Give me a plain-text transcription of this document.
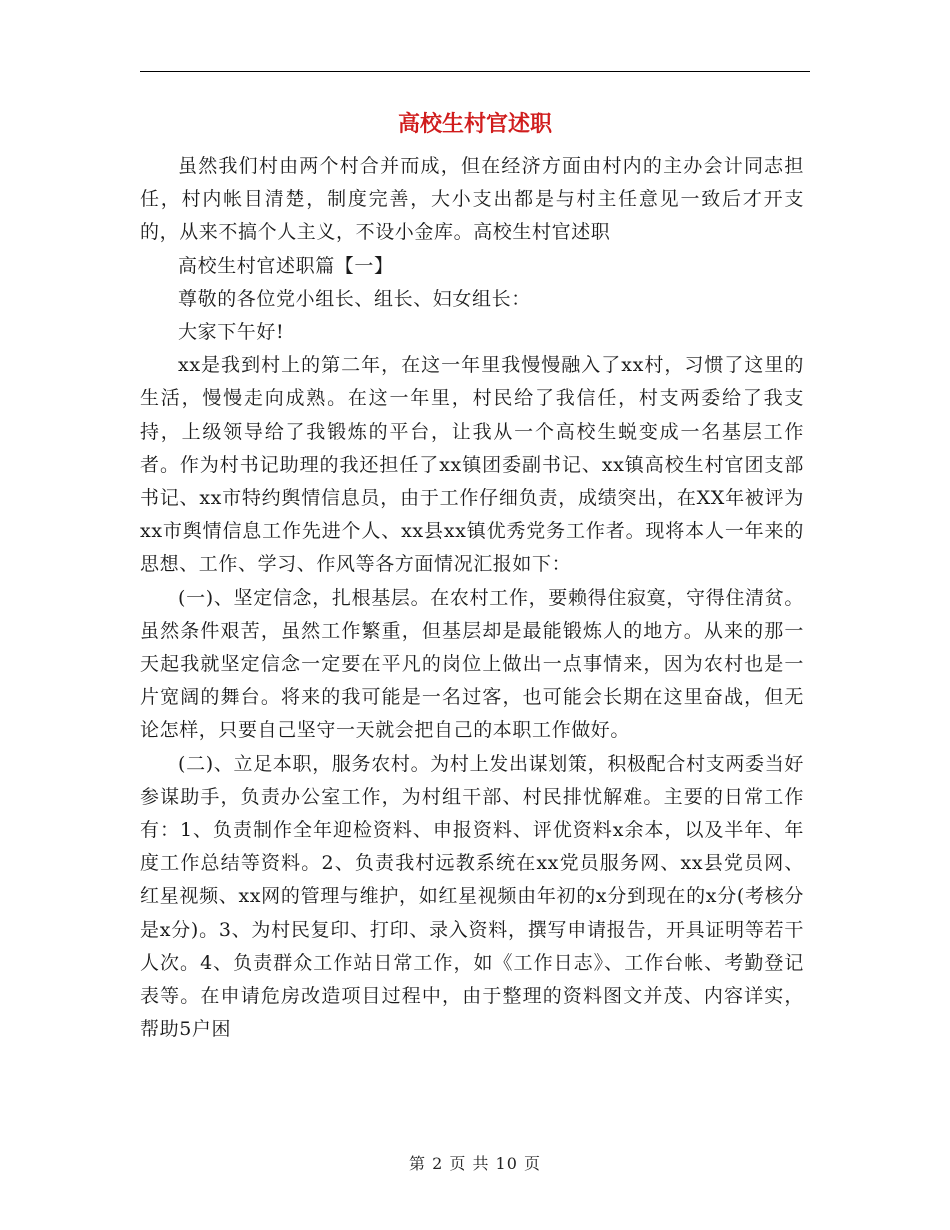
高校生村官述职

虽然我们村由两个村合并而成，但在经济方面由村内的主办会计同志担任，村内帐目清楚，制度完善，大小支出都是与村主任意见一致后才开支的，从来不搞个人主义，不设小金库。高校生村官述职

高校生村官述职篇【一】

尊敬的各位党小组长、组长、妇女组长：

大家下午好!

xx是我到村上的第二年，在这一年里我慢慢融入了xx村，习惯了这里的生活，慢慢走向成熟。在这一年里，村民给了我信任，村支两委给了我支持，上级领导给了我锻炼的平台，让我从一个高校生蜕变成一名基层工作者。作为村书记助理的我还担任了xx镇团委副书记、xx镇高校生村官团支部书记、xx市特约舆情信息员，由于工作仔细负责，成绩突出，在XX年被评为xx市舆情信息工作先进个人、xx县xx镇优秀党务工作者。现将本人一年来的思想、工作、学习、作风等各方面情况汇报如下：

(一)、坚定信念，扎根基层。在农村工作，要赖得住寂寞，守得住清贫。虽然条件艰苦，虽然工作繁重，但基层却是最能锻炼人的地方。从来的那一天起我就坚定信念一定要在平凡的岗位上做出一点事情来，因为农村也是一片宽阔的舞台。将来的我可能是一名过客，也可能会长期在这里奋战，但无论怎样，只要自己坚守一天就会把自己的本职工作做好。

(二)、立足本职，服务农村。为村上发出谋划策，积极配合村支两委当好参谋助手，负责办公室工作，为村组干部、村民排忧解难。主要的日常工作有：1、负责制作全年迎检资料、申报资料、评优资料x余本，以及半年、年度工作总结等资料。2、负责我村远教系统在xx党员服务网、xx县党员网、红星视频、xx网的管理与维护，如红星视频由年初的x分到现在的x分(考核分是x分)。3、为村民复印、打印、录入资料，撰写申请报告，开具证明等若干人次。4、负责群众工作站日常工作，如《工作日志》、工作台帐、考勤登记表等。在申请危房改造项目过程中，由于整理的资料图文并茂、内容详实，帮助5户困

第 2 页 共 10 页
